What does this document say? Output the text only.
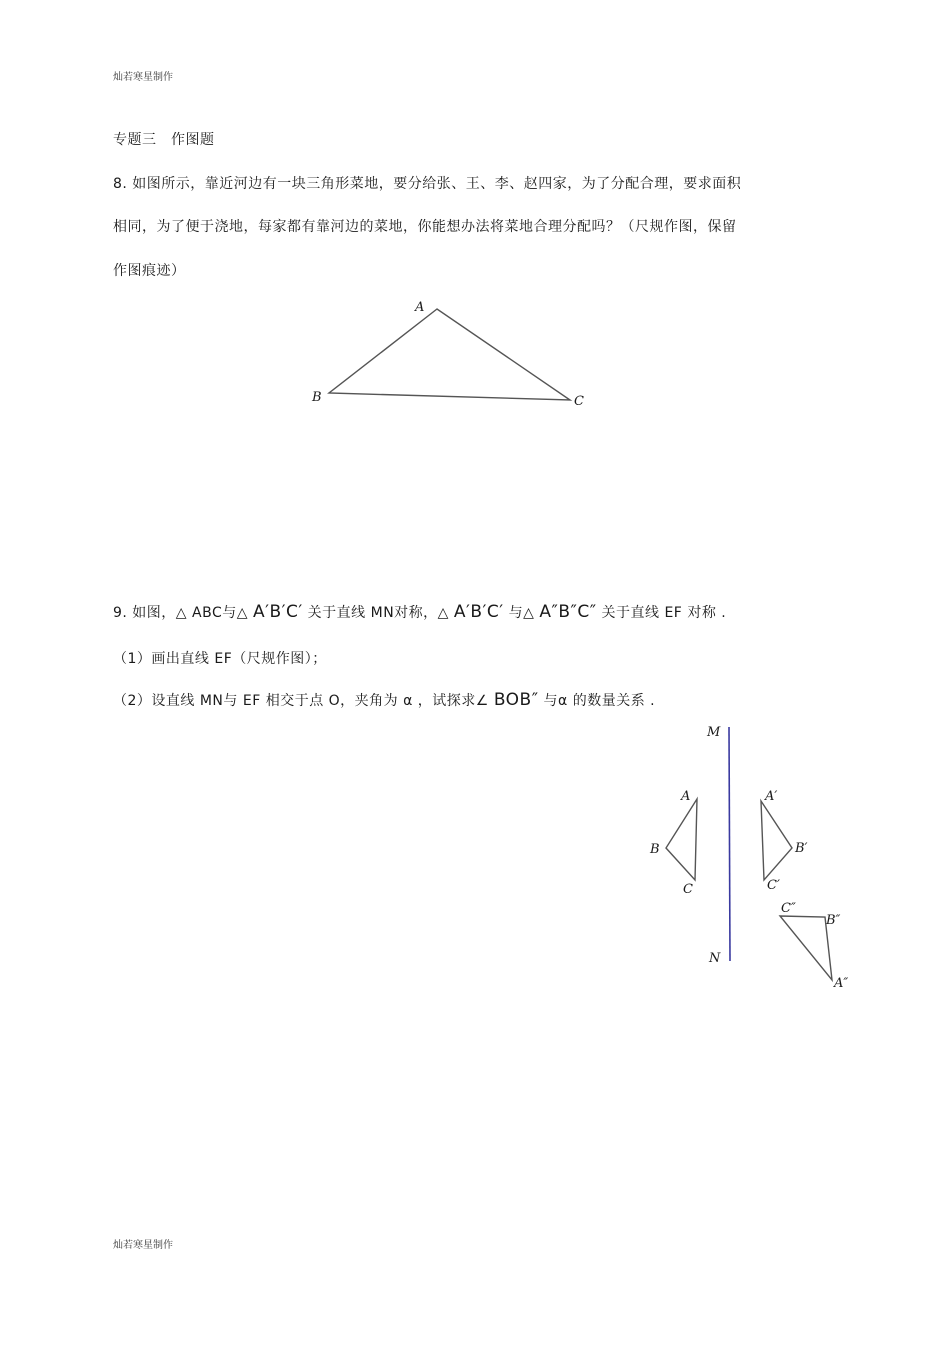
灿若寒星制作
专题三　作图题
8. 如图所示，靠近河边有一块三角形菜地，要分给张、王、李、赵四家，为了分配合理，要求面积
相同，为了便于浇地，每家都有靠河边的菜地，你能想办法将菜地合理分配吗？（尺规作图，保留
作图痕迹）
A
B	C
9. 如图，△ ABC与△ A′B′C′ 关于直线 MN对称，△ A′B′C′ 与△ A″B″C″ 关于直线 EF 对称 .
（1）画出直线 EF（尺规作图）；
（2）设直线 MN与 EF 相交于点 O，夹角为 α ，试探求∠ BOB″ 与α 的数量关系 .
M
N
A
B
C
A′
B′
C′
C″
B″
A″
灿若寒星制作
